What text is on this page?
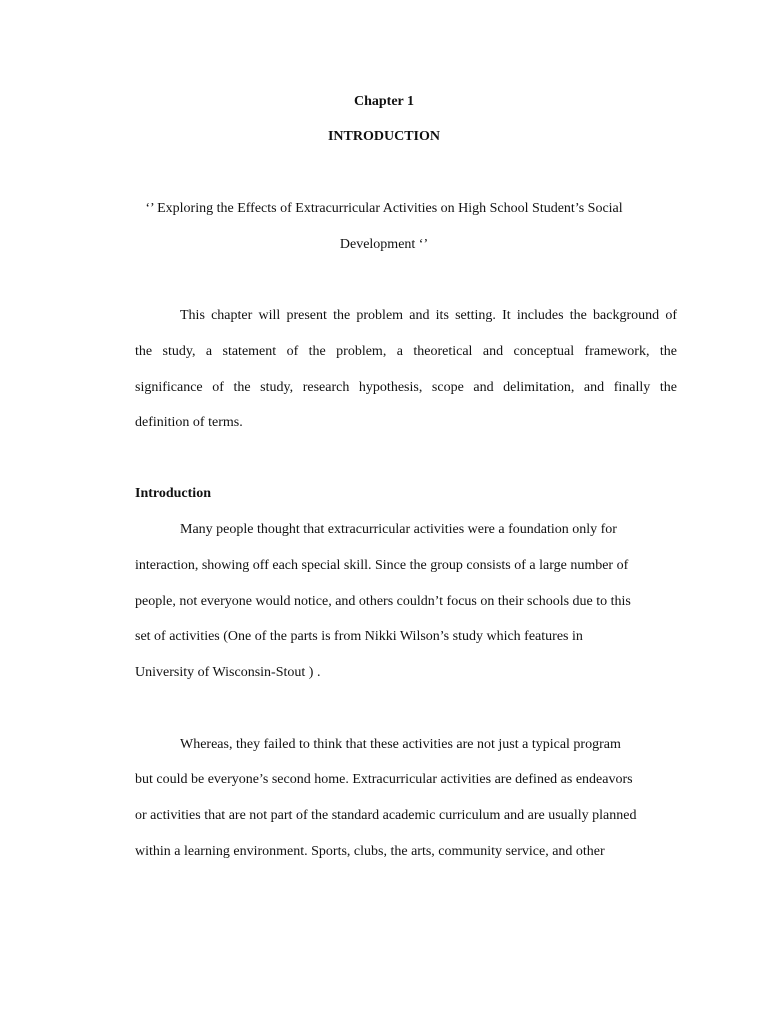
Chapter 1
INTRODUCTION
‘’ Exploring the Effects of Extracurricular Activities on High School Student’s Social
Development ‘’
This chapter will present the problem and its setting. It includes the background of
the study, a statement of the problem, a theoretical and conceptual framework, the
significance of the study, research hypothesis, scope and delimitation, and finally the
definition of terms.
Introduction
Many people thought that extracurricular activities were a foundation only for
interaction, showing off each special skill. Since the group consists of a large number of
people, not everyone would notice, and others couldn’t focus on their schools due to this
set of activities (One of the parts is from Nikki Wilson’s study which features in
University of Wisconsin-Stout ) .
Whereas, they failed to think that these activities are not just a typical program
but could be everyone’s second home. Extracurricular activities are defined as endeavors
or activities that are not part of the standard academic curriculum and are usually planned
within a learning environment. Sports, clubs, the arts, community service, and other
